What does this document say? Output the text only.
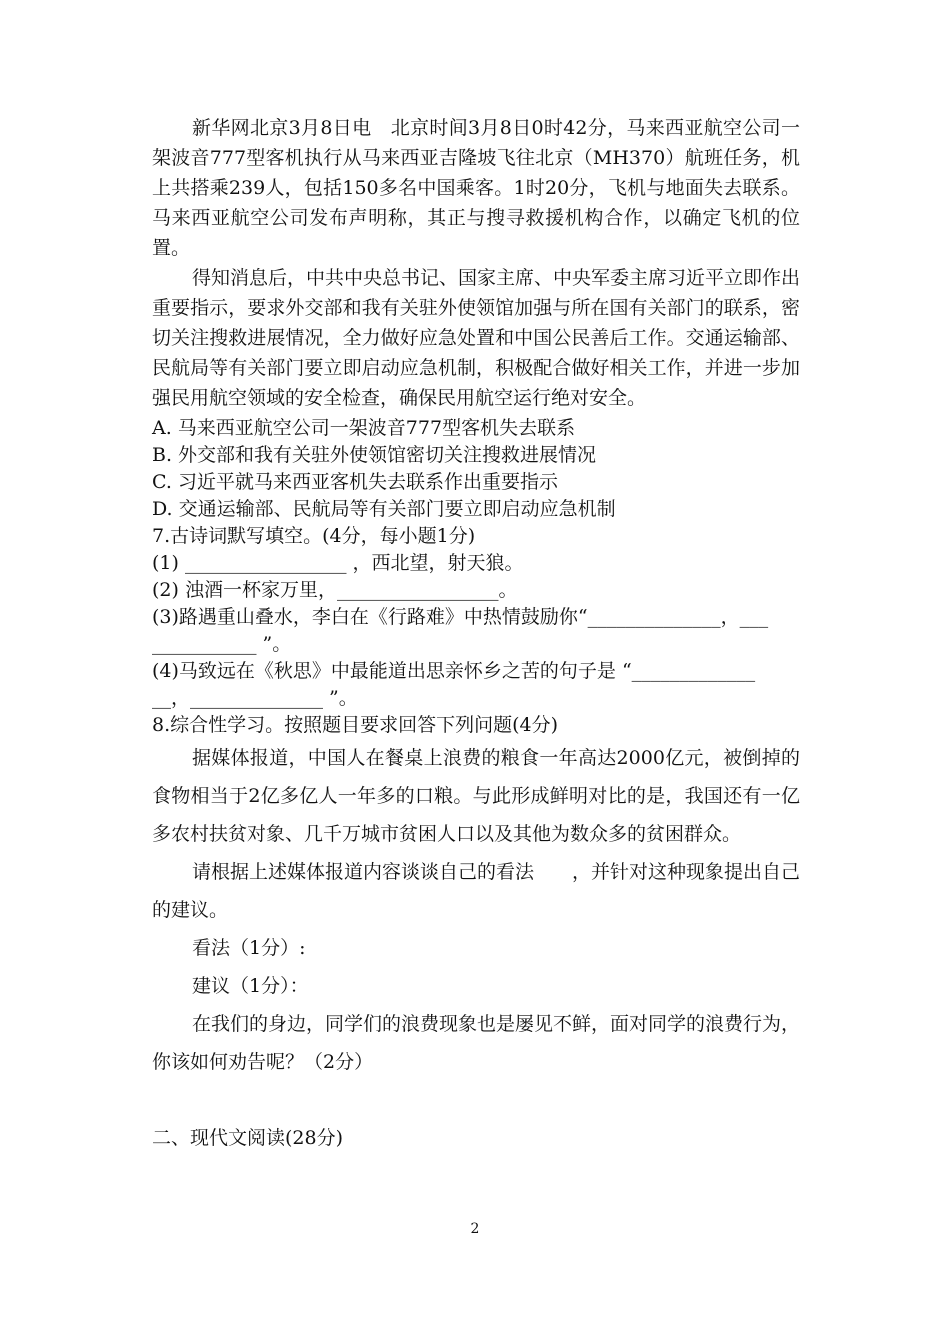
新华网北京3月8日电　北京时间3月8日0时42分，马来西亚航空公司一架波音777型客机执行从马来西亚吉隆坡飞往北京（MH370）航班任务，机上共搭乘239人，包括150多名中国乘客。1时20分，飞机与地面失去联系。马来西亚航空公司发布声明称，其正与搜寻救援机构合作，以确定飞机的位置。

得知消息后，中共中央总书记、国家主席、中央军委主席习近平立即作出重要指示，要求外交部和我有关驻外使领馆加强与所在国有关部门的联系，密切关注搜救进展情况，全力做好应急处置和中国公民善后工作。交通运输部、民航局等有关部门要立即启动应急机制，积极配合做好相关工作，并进一步加强民用航空领域的安全检查，确保民用航空运行绝对安全。

A. 马来西亚航空公司一架波音777型客机失去联系

B. 外交部和我有关驻外使领馆密切关注搜救进展情况

C. 习近平就马来西亚客机失去联系作出重要指示

D. 交通运输部、民航局等有关部门要立即启动应急机制

7.古诗词默写填空。(4分，每小题1分)

(1) _________________ ，西北望，射天狼。

(2) 浊酒一杯家万里，_________________。

(3)路遇重山叠水，李白在《行路难》中热情鼓励你“______________，___

___________ ”。

(4)马致远在《秋思》中最能道出思亲怀乡之苦的句子是 “_____________

__，______________ ”。

8.综合性学习。按照题目要求回答下列问题(4分)

据媒体报道，中国人在餐桌上浪费的粮食一年高达2000亿元，被倒掉的食物相当于2亿多亿人一年多的口粮。与此形成鲜明对比的是，我国还有一亿多农村扶贫对象、几千万城市贫困人口以及其他为数众多的贫困群众。

请根据上述媒体报道内容谈谈自己的看法　　，并针对这种现象提出自己的建议。

看法（1分）:

建议（1分）：

在我们的身边，同学们的浪费现象也是屡见不鲜，面对同学的浪费行为，你该如何劝告呢？（2分）

二、现代文阅读(28分)

2
